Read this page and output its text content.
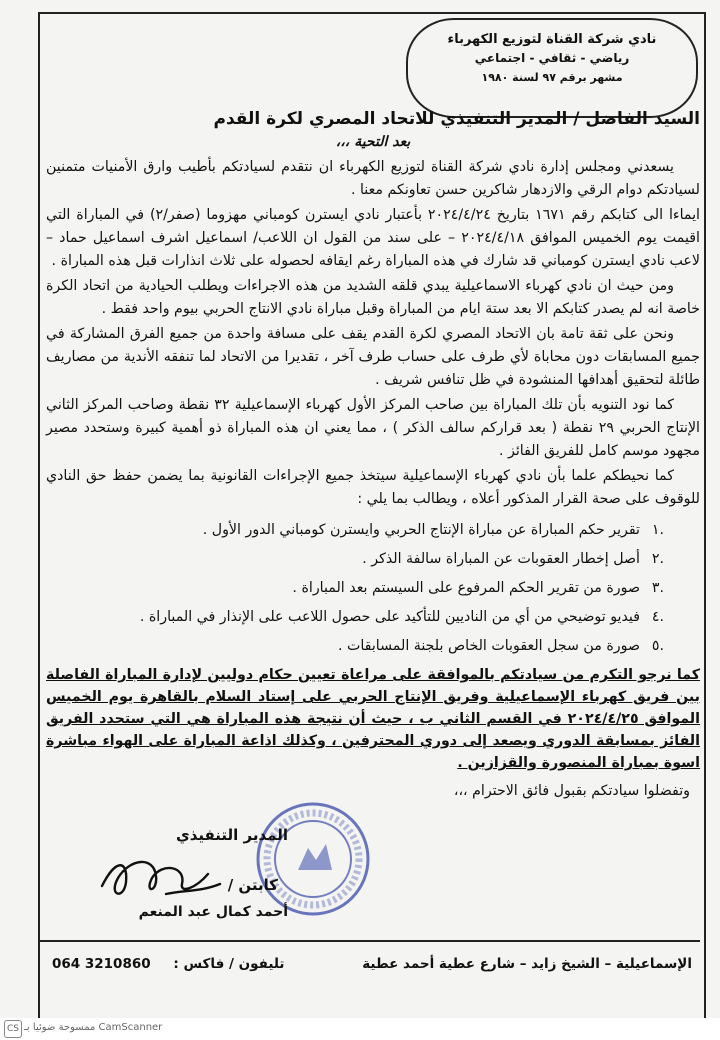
نادي شركة القناة لتوزيع الكهرباء
رياضي - ثقافي - اجتماعي
مشهر برقم ٩٧ لسنة ١٩٨٠

السيد الفاضل / المدير التنفيذي للاتحاد المصري لكرة القدم

بعد التحية ،،،

يسعدني ومجلس إدارة نادي شركة القناة لتوزيع الكهرباء ان نتقدم لسيادتكم بأطيب وارق الأمنيات متمنين لسيادتكم دوام الرقي والازدهار شاكرين حسن تعاونكم معنا .

ايماءا الى كتابكم رقم ١٦٧١ بتاريخ ٢٠٢٤/٤/٢٤ بأعتبار نادي ايسترن كومباني مهزوما (صفر/٢) في المباراة التي اقيمت يوم الخميس الموافق ٢٠٢٤/٤/١٨ – على سند من القول ان اللاعب/ اسماعيل اشرف اسماعيل حماد – لاعب نادي ايسترن كومباني قد شارك في هذه المباراة رغم ايقافه لحصوله على ثلاث انذارات قبل هذه المباراة .

ومن حيث ان نادي كهرباء الاسماعيلية يبدي قلقه الشديد من هذه الاجراءات ويطلب الحيادية من اتحاد الكرة خاصة انه لم يصدر كتابكم الا بعد ستة ايام من المباراة وقبل مباراة نادي الانتاج الحربي بيوم واحد فقط .

ونحن على ثقة تامة بان الاتحاد المصري لكرة القدم يقف على مسافة واحدة من جميع الفرق المشاركة في جميع المسابقات دون محاباة لأي طرف على حساب طرف آخر ، تقديرا من الاتحاد لما تنفقه الأندية من مصاريف طائلة لتحقيق أهدافها المنشودة في ظل تنافس شريف .

كما نود التنويه بأن تلك المباراة بين صاحب المركز الأول كهرباء الإسماعيلية ٣٢ نقطة وصاحب المركز الثاني الإنتاج الحربي ٢٩ نقطة ( بعد قراركم سالف الذكر ) ، مما يعني ان هذه المباراة ذو أهمية كبيرة وستحدد مصير مجهود موسم كامل للفريق الفائز .

كما نحيطكم علما بأن نادي كهرباء الإسماعيلية سيتخذ جميع الإجراءات القانونية بما يضمن حفظ حق النادي للوقوف على صحة القرار المذكور أعلاه ، ويطالب بما يلي :

.١
تقرير حكم المباراة عن مباراة الإنتاج الحربي وايسترن كومباني الدور الأول .
.٢
أصل إخطار العقوبات عن المباراة سالفة الذكر .
.٣
صورة من تقرير الحكم المرفوع على السيستم بعد المباراة .
.٤
فيديو توضيحي من أي من الناديين للتأكيد على حصول اللاعب على الإنذار في المباراة .
.٥
صورة من سجل العقوبات الخاص بلجنة المسابقات .

كما نرجو التكرم من سيادتكم بالموافقة على مراعاة تعيين حكام دوليين لإدارة المباراة الفاصلة بين فريق كهرباء الإسماعيلية وفريق الإنتاج الحربي على إستاد السلام بالقاهرة يوم الخميس الموافق ٢٠٢٤/٤/٢٥ في القسم الثاني ب ، حيث أن نتيجة هذه المباراة هي التي ستحدد الفريق الفائز بمسابقة الدوري ويصعد إلى دوري المحترفين ، وكذلك اذاعة المباراة على الهواء مباشرة اسوة بمباراة المنصورة والقزازين .

وتفضلوا سيادتكم بقبول فائق الاحترام ،،،

المدير التنفيذي
كابتن /
أحمد كمال عبد المنعم
الإسماعيلية – الشيخ زايد – شارع عطية أحمد عطية
تليفون / فاكس : 064 3210860
CS CamScanner ممسوحة ضوئيا بـ
